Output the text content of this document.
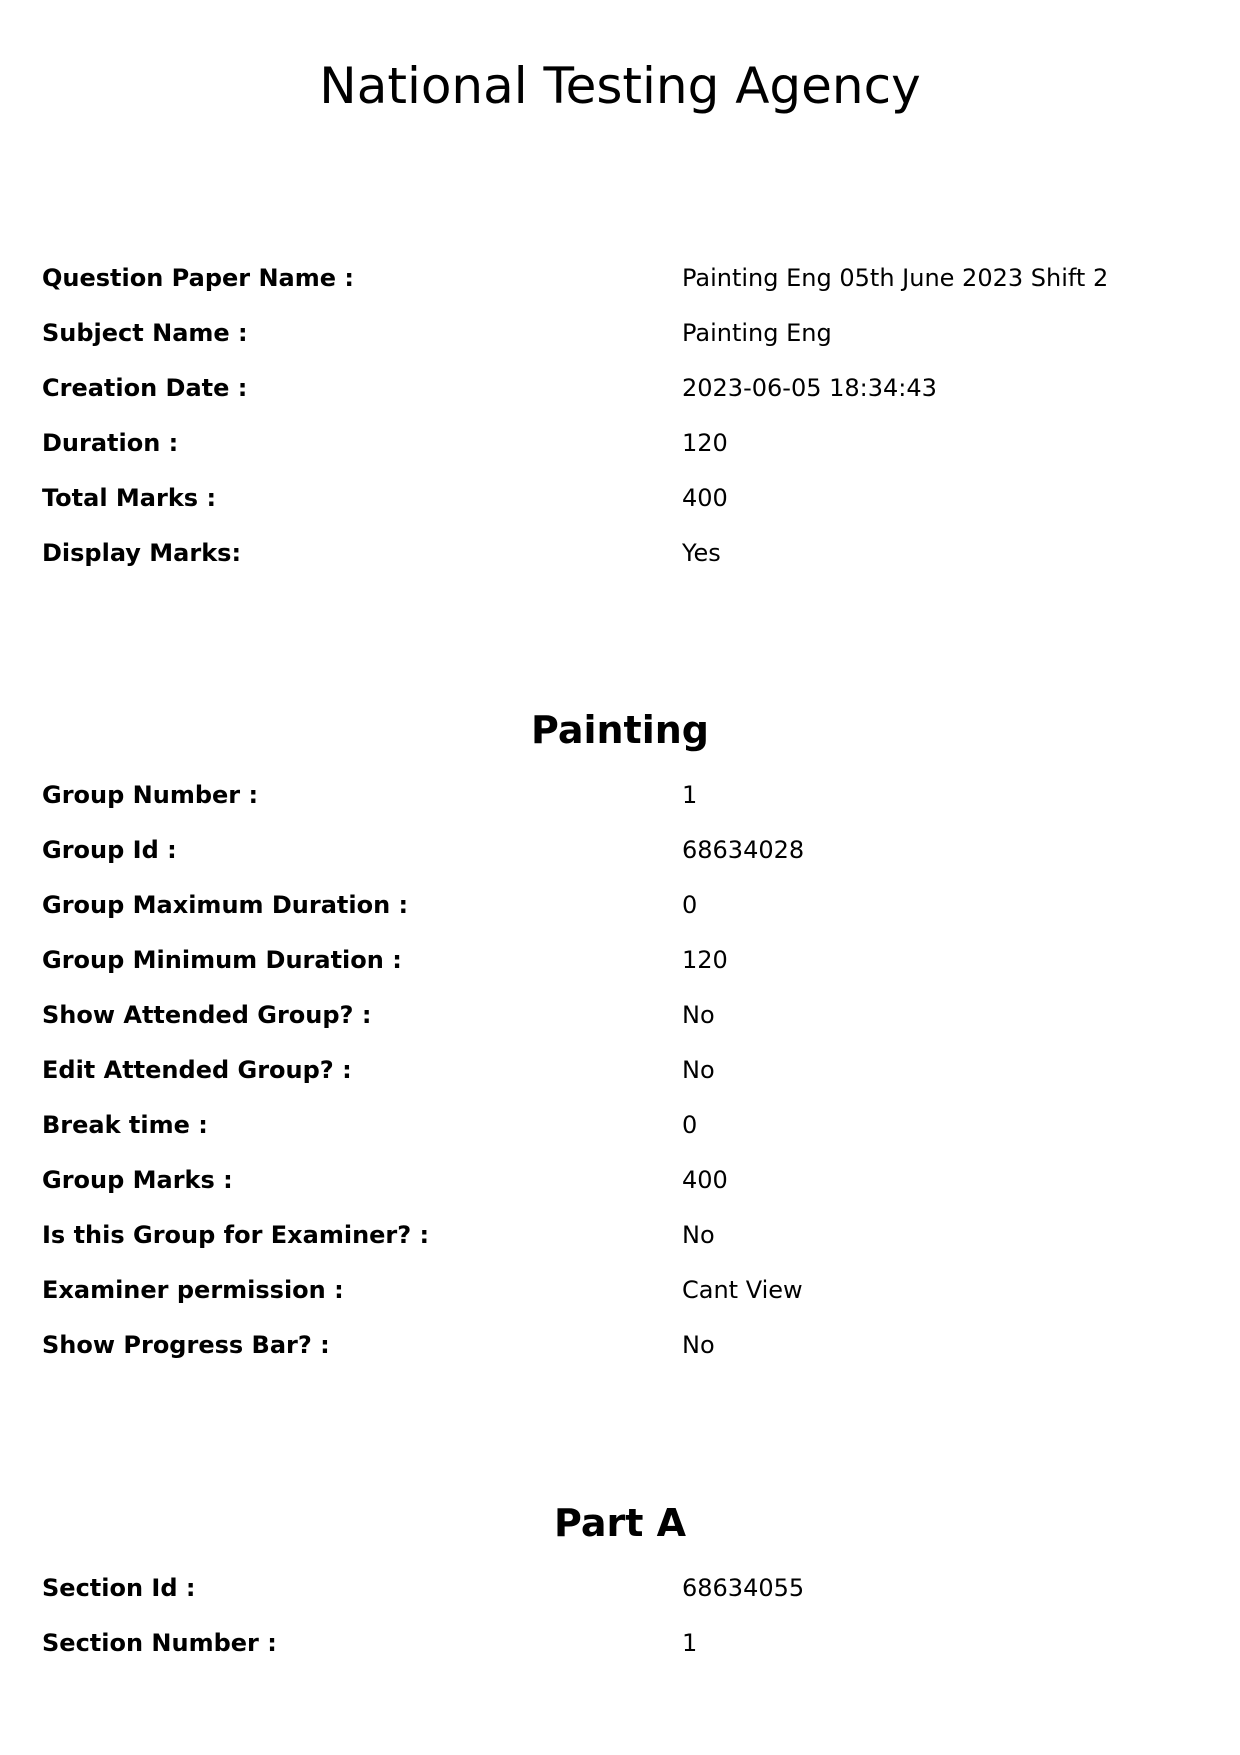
National Testing Agency
Question Paper Name :	Painting Eng 05th June 2023 Shift 2
Subject Name :	Painting Eng
Creation Date :	2023-06-05 18:34:43
Duration :	120
Total Marks :	400
Display Marks:	Yes
Painting
Group Number :	1
Group Id :	68634028
Group Maximum Duration :	0
Group Minimum Duration :	120
Show Attended Group? :	No
Edit Attended Group? :	No
Break time :	0
Group Marks :	400
Is this Group for Examiner? :	No
Examiner permission :	Cant View
Show Progress Bar? :	No
Part A
Section Id :	68634055
Section Number :	1
